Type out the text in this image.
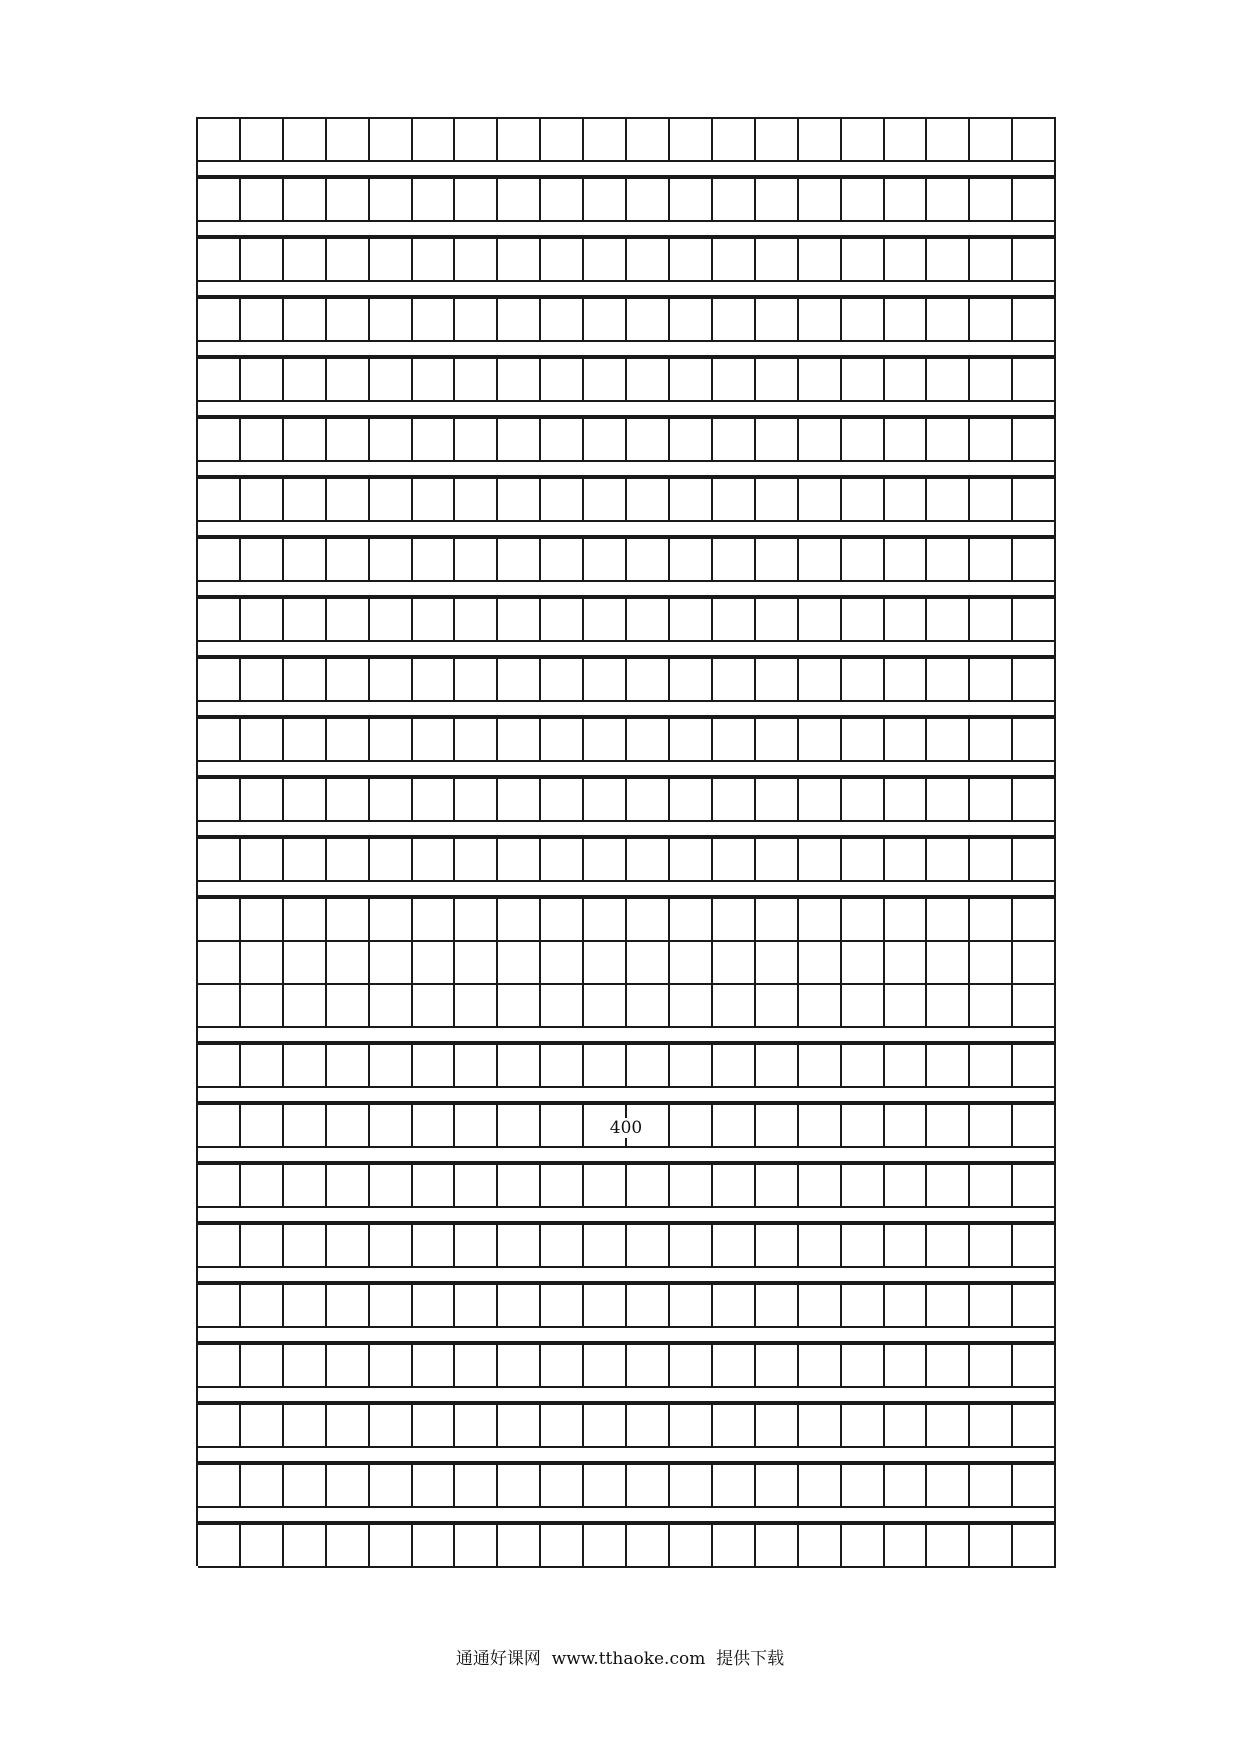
400
通通好课网  www.tthaoke.com  提供下载
